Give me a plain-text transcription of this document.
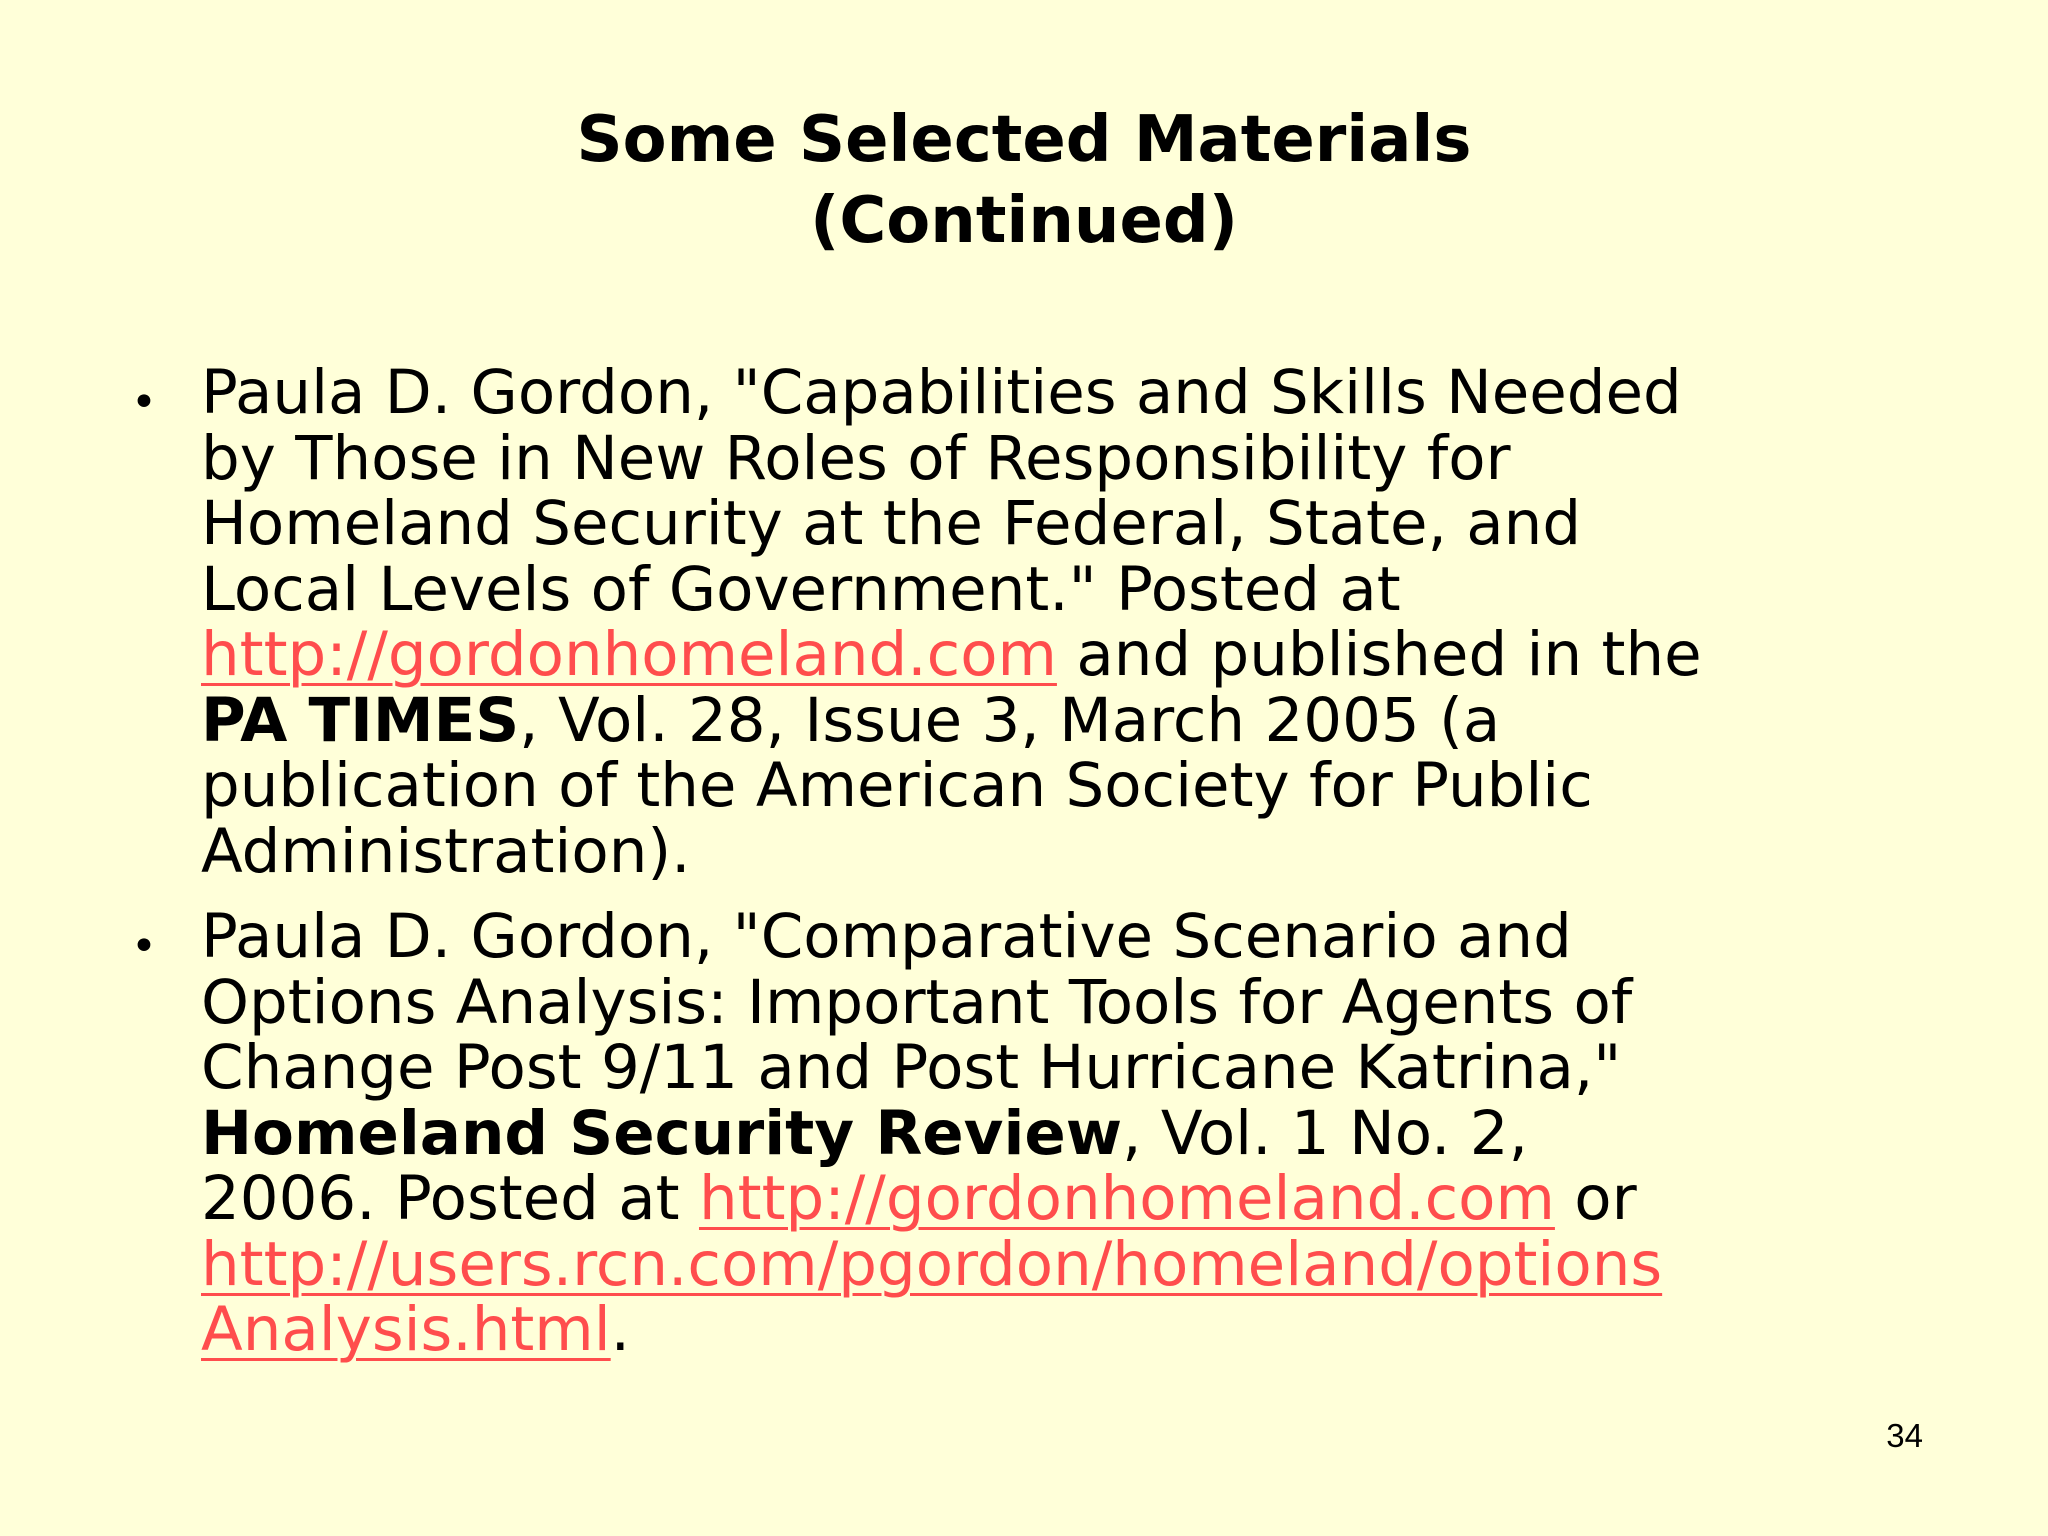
Some Selected Materials
(Continued)
• Paula D. Gordon, "Capabilities and Skills Needed
by Those in New Roles of Responsibility for
Homeland Security at the Federal, State, and
Local Levels of Government." Posted at
http://gordonhomeland.com and published in the
PA TIMES, Vol. 28, Issue 3, March 2005 (a
publication of the American Society for Public
Administration).
• Paula D. Gordon, "Comparative Scenario and
Options Analysis: Important Tools for Agents of
Change Post 9/11 and Post Hurricane Katrina,"
Homeland Security Review, Vol. 1 No. 2,
2006. Posted at http://gordonhomeland.com or
http://users.rcn.com/pgordon/homeland/options
Analysis.html.
34
